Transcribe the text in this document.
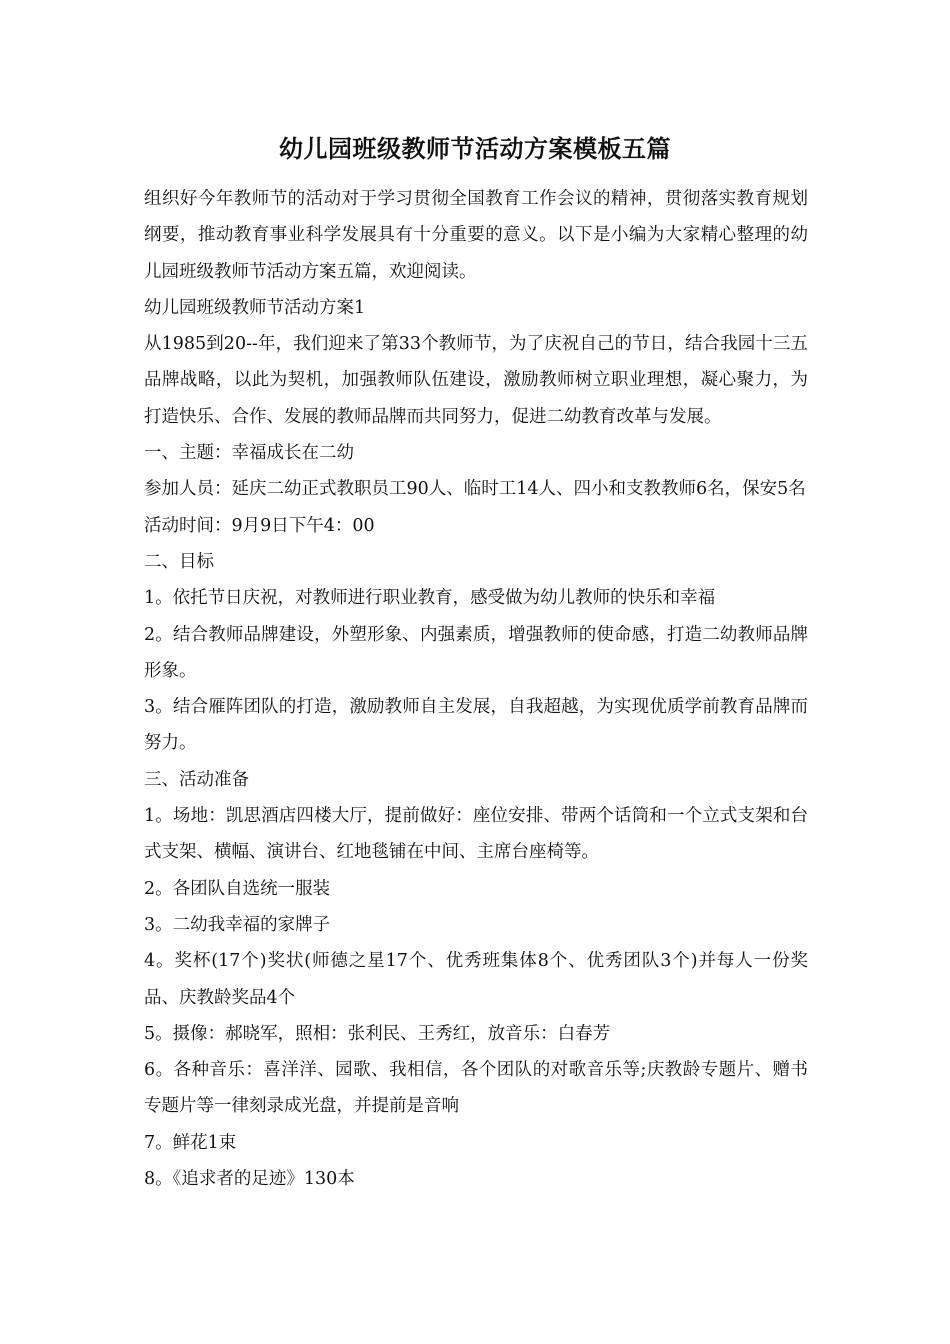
幼儿园班级教师节活动方案模板五篇

组织好今年教师节的活动对于学习贯彻全国教育工作会议的精神，贯彻落实教育规划纲要，推动教育事业科学发展具有十分重要的意义。以下是小编为大家精心整理的幼儿园班级教师节活动方案五篇，欢迎阅读。

幼儿园班级教师节活动方案1

从1985到20--年，我们迎来了第33个教师节，为了庆祝自己的节日，结合我园十三五品牌战略，以此为契机，加强教师队伍建设，激励教师树立职业理想，凝心聚力，为打造快乐、合作、发展的教师品牌而共同努力，促进二幼教育改革与发展。

一、主题：幸福成长在二幼

参加人员：延庆二幼正式教职员工90人、临时工14人、四小和支教教师6名，保安5名

活动时间：9月9日下午4：00

二、目标

1。依托节日庆祝，对教师进行职业教育，感受做为幼儿教师的快乐和幸福

2。结合教师品牌建设，外塑形象、内强素质，增强教师的使命感，打造二幼教师品牌形象。

3。结合雁阵团队的打造，激励教师自主发展，自我超越，为实现优质学前教育品牌而努力。

三、活动准备

1。场地：凯思酒店四楼大厅，提前做好：座位安排、带两个话筒和一个立式支架和台式支架、横幅、演讲台、红地毯铺在中间、主席台座椅等。

2。各团队自选统一服装

3。二幼我幸福的家牌子

4。奖杯(17个)奖状(师德之星17个、优秀班集体8个、优秀团队3个)并每人一份奖品、庆教龄奖品4个

5。摄像：郝晓军，照相：张利民、王秀红，放音乐：白春芳

6。各种音乐：喜洋洋、园歌、我相信，各个团队的对歌音乐等;庆教龄专题片、赠书专题片等一律刻录成光盘，并提前是音响

7。鲜花1束

8。《追求者的足迹》130本
